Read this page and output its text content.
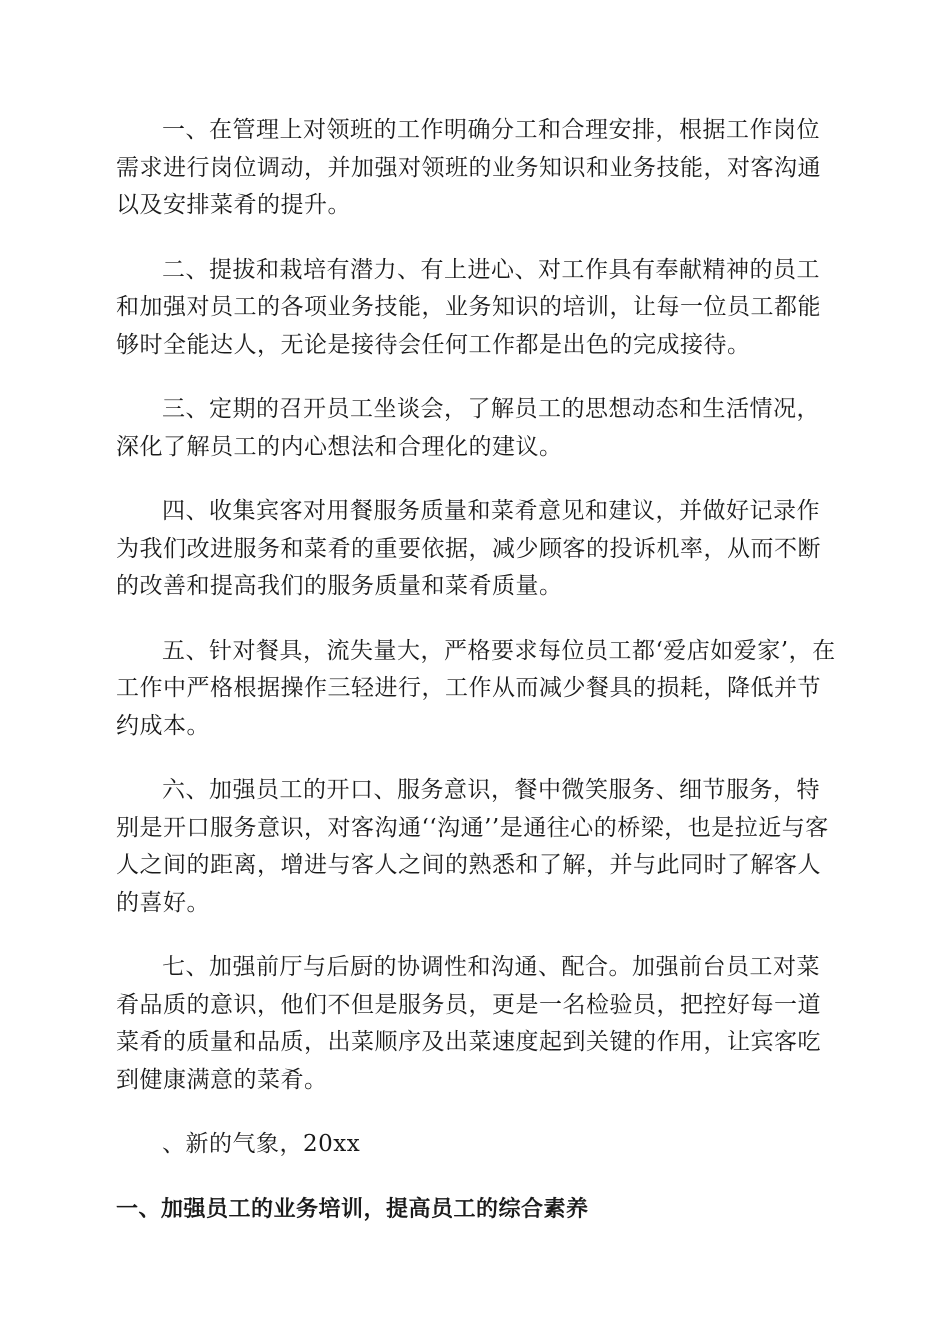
一、在管理上对领班的工作明确分工和合理安排，根据工作岗位需求进行岗位调动，并加强对领班的业务知识和业务技能，对客沟通以及安排菜肴的提升。

二、提拔和栽培有潜力、有上进心、对工作具有奉献精神的员工和加强对员工的各项业务技能，业务知识的培训，让每一位员工都能够时全能达人，无论是接待会任何工作都是出色的完成接待。

三、定期的召开员工坐谈会，了解员工的思想动态和生活情况，深化了解员工的内心想法和合理化的建议。

四、收集宾客对用餐服务质量和菜肴意见和建议，并做好记录作为我们改进服务和菜肴的重要依据，减少顾客的投诉机率，从而不断的改善和提高我们的服务质量和菜肴质量。

五、针对餐具，流失量大，严格要求每位员工都‘爱店如爱家’，在工作中严格根据操作三轻进行，工作从而减少餐具的损耗，降低并节约成本。

六、加强员工的开口、服务意识，餐中微笑服务、细节服务，特别是开口服务意识，对客沟通‘‘沟通’’是通往心的桥梁，也是拉近与客人之间的距离，增进与客人之间的熟悉和了解，并与此同时了解客人的喜好。

七、加强前厅与后厨的协调性和沟通、配合。加强前台员工对菜肴品质的意识，他们不但是服务员，更是一名检验员，把控好每一道菜肴的质量和品质，出菜顺序及出菜速度起到关键的作用，让宾客吃到健康满意的菜肴。

、新的气象，20xx

一、加强员工的业务培训，提高员工的综合素养
